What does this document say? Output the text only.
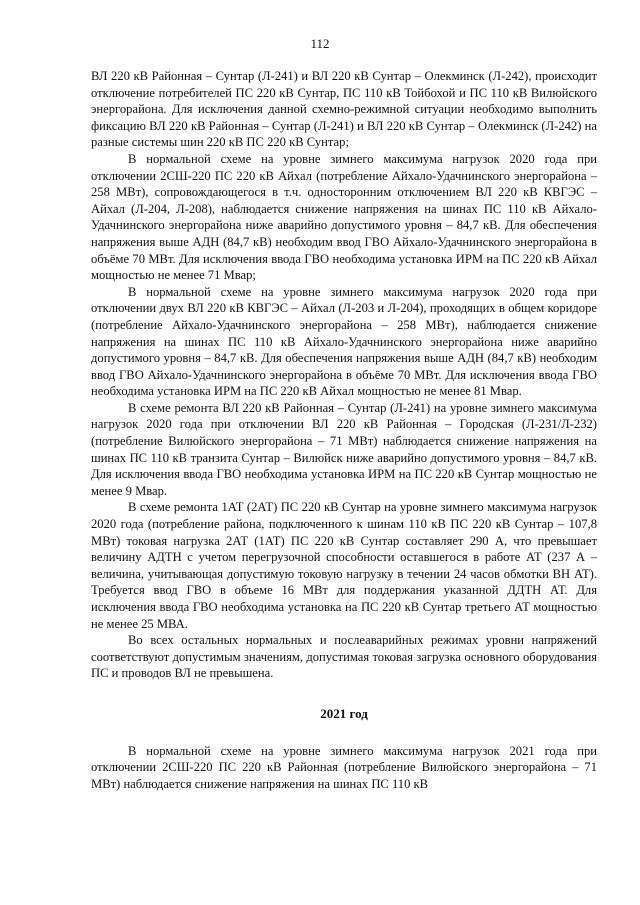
112

ВЛ 220 кВ Районная – Сунтар (Л-241) и ВЛ 220 кВ Сунтар – Олекминск (Л-242), происходит отключение потребителей ПС 220 кВ Сунтар, ПС 110 кВ Тойбохой и ПС 110 кВ Вилюйского энергорайона. Для исключения данной схемно-режимной ситуации необходимо выполнить фиксацию ВЛ 220 кВ Районная – Сунтар (Л-241) и ВЛ 220 кВ Сунтар – Олекминск (Л-242) на разные системы шин 220 кВ ПС 220 кВ Сунтар;

В нормальной схеме на уровне зимнего максимума нагрузок 2020 года при отключении 2СШ-220 ПС 220 кВ Айхал (потребление Айхало-Удачнинского энергорайона – 258 МВт), сопровождающегося в т.ч. односторонним отключением ВЛ 220 кВ КВГЭС – Айхал (Л-204, Л-208), наблюдается снижение напряжения на шинах ПС 110 кВ Айхало-Удачнинского энергорайона ниже аварийно допустимого уровня – 84,7 кВ. Для обеспечения напряжения выше АДН (84,7 кВ) необходим ввод ГВО Айхало-Удачнинского энергорайона в объёме 70 МВт. Для исключения ввода ГВО необходима установка ИРМ на ПС 220 кВ Айхал мощностью не менее 71 Мвар;

В нормальной схеме на уровне зимнего максимума нагрузок 2020 года при отключении двух ВЛ 220 кВ КВГЭС – Айхал (Л-203 и Л-204), проходящих в общем коридоре (потребление Айхало-Удачнинского энергорайона – 258 МВт), наблюдается снижение напряжения на шинах ПС 110 кВ Айхало-Удачнинского энергорайона ниже аварийно допустимого уровня – 84,7 кВ. Для обеспечения напряжения выше АДН (84,7 кВ) необходим ввод ГВО Айхало-Удачнинского энергорайона в объёме 70 МВт. Для исключения ввода ГВО необходима установка ИРМ на ПС 220 кВ Айхал мощностью не менее 81 Мвар.

В схеме ремонта ВЛ 220 кВ Районная – Сунтар (Л-241) на уровне зимнего максимума нагрузок 2020 года при отключении ВЛ 220 кВ Районная – Городская (Л-231/Л-232) (потребление Вилюйского энергорайона – 71 МВт) наблюдается снижение напряжения на шинах ПС 110 кВ транзита Сунтар – Вилюйск ниже аварийно допустимого уровня – 84,7 кВ. Для исключения ввода ГВО необходима установка ИРМ на ПС 220 кВ Сунтар мощностью не менее 9 Мвар.

В схеме ремонта 1АТ (2АТ) ПС 220 кВ Сунтар на уровне зимнего максимума нагрузок 2020 года (потребление района, подключенного к шинам 110 кВ ПС 220 кВ Сунтар – 107,8 МВт) токовая нагрузка 2АТ (1АТ) ПС 220 кВ Сунтар составляет 290 А, что превышает величину АДТН с учетом перегрузочной способности оставшегося в работе АТ (237 А – величина, учитывающая допустимую токовую нагрузку в течении 24 часов обмотки ВН АТ). Требуется ввод ГВО в объеме 16 МВт для поддержания указанной ДДТН АТ. Для исключения ввода ГВО необходима установка на ПС 220 кВ Сунтар третьего АТ мощностью не менее 25 МВА.

Во всех остальных нормальных и послеаварийных режимах уровни напряжений соответствуют допустимым значениям, допустимая токовая загрузка основного оборудования ПС и проводов ВЛ не превышена.

2021 год

В нормальной схеме на уровне зимнего максимума нагрузок 2021 года при отключении 2СШ-220 ПС 220 кВ Районная (потребление Вилюйского энергорайона – 71 МВт) наблюдается снижение напряжения на шинах ПС 110 кВ
